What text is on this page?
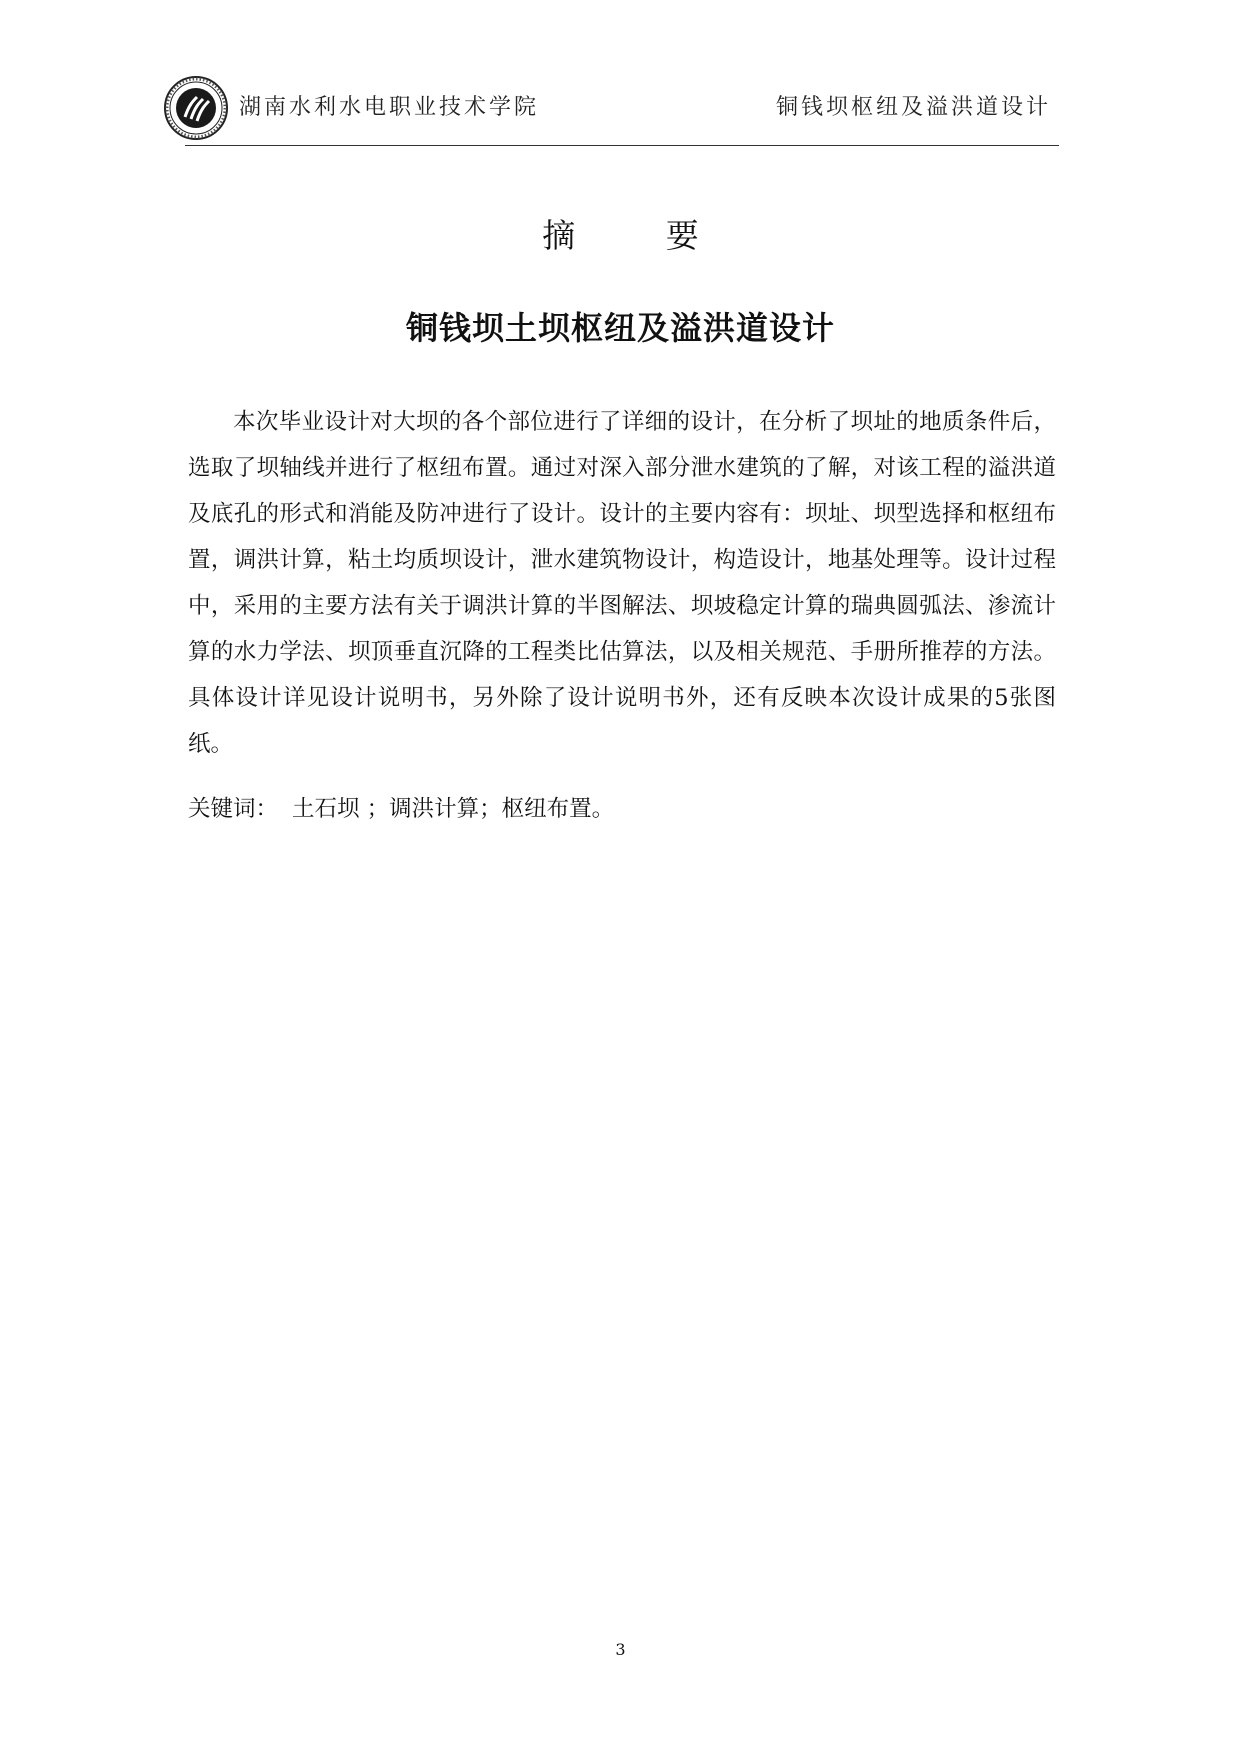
湖南水利水电职业技术学院	铜钱坝枢纽及溢洪道设计
摘 要
铜钱坝土坝枢纽及溢洪道设计

本次毕业设计对大坝的各个部位进行了详细的设计，在分析了坝址的地质条件后，选取了坝轴线并进行了枢纽布置。通过对深入部分泄水建筑的了解，对该工程的溢洪道及底孔的形式和消能及防冲进行了设计。设计的主要内容有：坝址、坝型选择和枢纽布置，调洪计算，粘土均质坝设计，泄水建筑物设计，构造设计，地基处理等。设计过程中，采用的主要方法有关于调洪计算的半图解法、坝坡稳定计算的瑞典圆弧法、渗流计算的水力学法、坝顶垂直沉降的工程类比估算法，以及相关规范、手册所推荐的方法。具体设计详见设计说明书，另外除了设计说明书外，还有反映本次设计成果的5张图纸。

关键词： 土石坝 ；调洪计算；枢纽布置。
3
